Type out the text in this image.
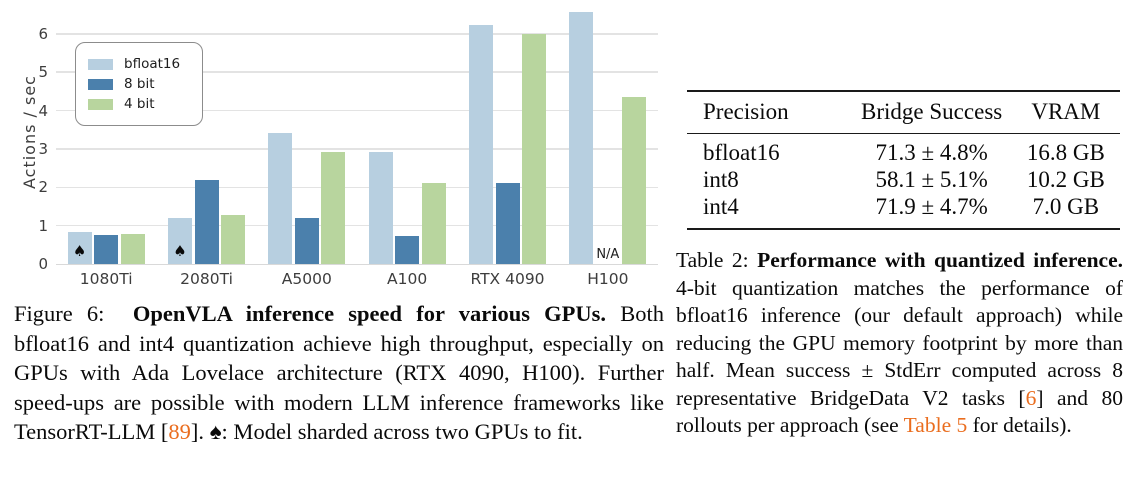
Actions / sec
1080Ti	2080Ti	A5000	A100	RTX 4090
N/A
H100
♠	♠
bfloat16
8 bit
4 bit
0
1
2
3
4
5
6

Figure 6:  OpenVLA inference speed for various GPUs. Both bfloat16 and int4 quantization achieve high throughput, especially on GPUs with Ada Lovelace architecture (RTX 4090, H100). Further speed-ups are possible with modern LLM inference frameworks like TensorRT-LLM [89]. ♠: Model sharded across two GPUs to fit.

Precision	Bridge Success	VRAM
bfloat16	71.3 ± 4.8%	16.8 GB
int8	58.1 ± 5.1%	10.2 GB
int4	71.9 ± 4.7%	7.0 GB

Table 2: Performance with quantized inference. 4-bit quantization matches the performance of bfloat16 inference (our default approach) while reducing the GPU memory footprint by more than half. Mean success ± StdErr computed across 8 representative BridgeData V2 tasks [6] and 80 rollouts per approach (see Table 5 for details).
